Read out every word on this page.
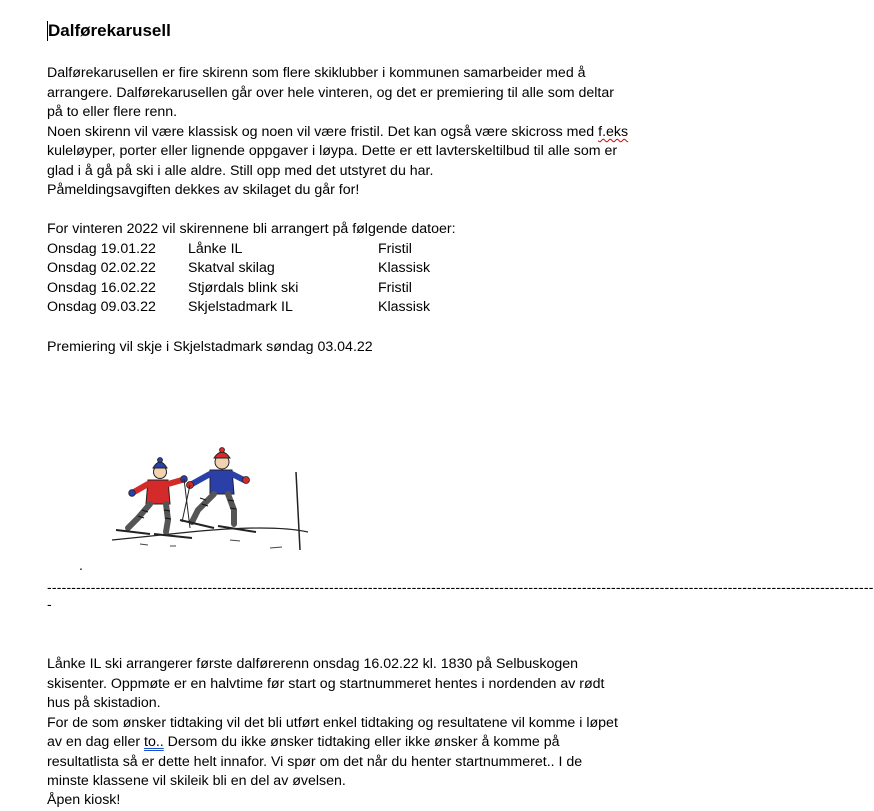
Dalførekarusell
Dalførekarusellen er fire skirenn som flere skiklubber i kommunen samarbeider med å
arrangere. Dalførekarusellen går over hele vinteren, og det er premiering til alle som deltar
på to eller flere renn.
Noen skirenn vil være klassisk og noen vil være fristil. Det kan også være skicross med f.eks
kuleløyper, porter eller lignende oppgaver i løypa. Dette er ett lavterskeltilbud til alle som er
glad i å gå på ski i alle aldre. Still opp med det utstyret du har.
Påmeldingsavgiften dekkes av skilaget du går for!
For vinteren 2022 vil skirennene bli arrangert på følgende datoer:
Onsdag 19.01.22 Lånke IL	Fristil
Onsdag 02.02.22 Skatval skilag	Klassisk
Onsdag 16.02.22 Stjørdals blink ski	Fristil
Onsdag 09.03.22 Skjelstadmark IL	Klassisk
Premiering vil skje i Skjelstadmark søndag 03.04.22
.
--------------------------------------------------------------------------------------------------------------------------------------------------------------------------
-
Lånke IL ski arrangerer første dalførerenn onsdag 16.02.22 kl. 1830 på Selbuskogen
skisenter. Oppmøte er en halvtime før start og startnummeret hentes i nordenden av rødt
hus på skistadion.
For de som ønsker tidtaking vil det bli utført enkel tidtaking og resultatene vil komme i løpet
av en dag eller to.. Dersom du ikke ønsker tidtaking eller ikke ønsker å komme på
resultatlista så er dette helt innafor. Vi spør om det når du henter startnummeret.. I de
minste klassene vil skileik bli en del av øvelsen.
Åpen kiosk!
